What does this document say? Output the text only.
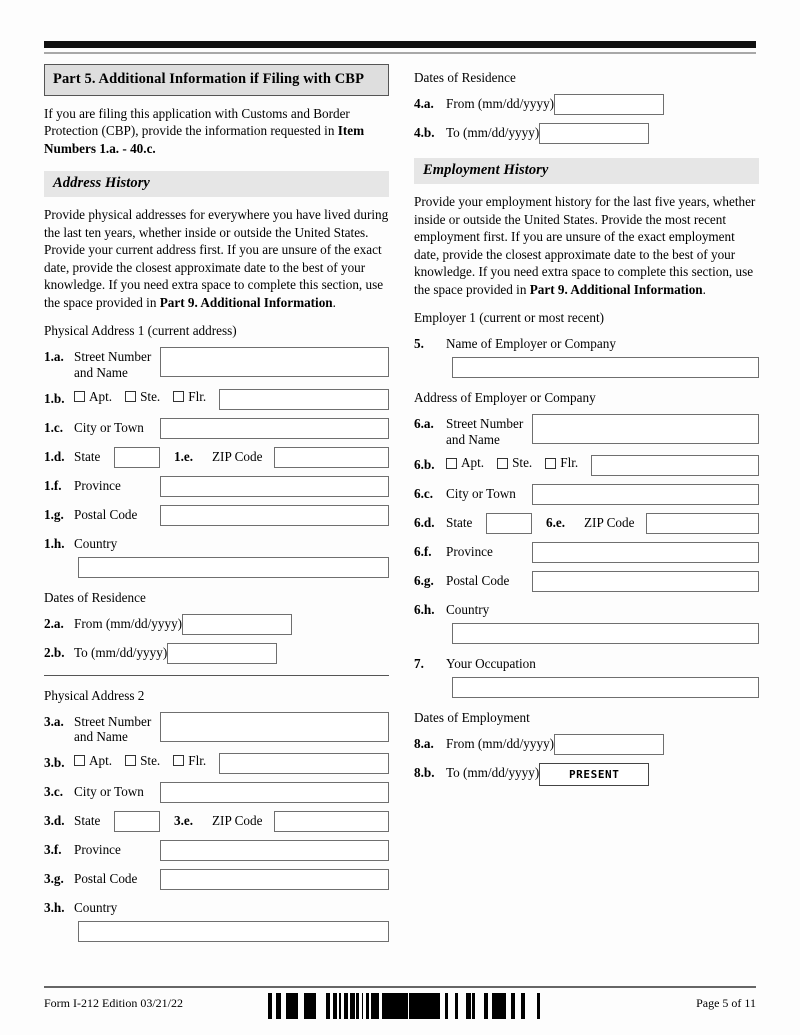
Part 5. Additional Information if Filing with CBP

If you are filing this application with Customs and Border Protection (CBP), provide the information requested in Item Numbers 1.a. - 40.c.

Address History

Provide physical addresses for everywhere you have lived during the last ten years, whether inside or outside the United States. Provide your current address first. If you are unsure of the exact date, provide the closest approximate date to the best of your knowledge. If you need extra space to complete this section, use the space provided in Part 9. Additional Information.

Physical Address 1 (current address)

1.a. Street Number and Name
1.b.	Apt. Ste. Flr.
1.c. City or Town
1.d. State	1.e.	ZIP Code
1.f. Province
1.g. Postal Code
1.h. Country

Dates of Residence

2.a. From (mm/dd/yyyy)
2.b. To (mm/dd/yyyy)

Physical Address 2

3.a. Street Number and Name
3.b.	Apt. Ste. Flr.
3.c. City or Town
3.d. State	3.e.	ZIP Code
3.f. Province
3.g. Postal Code
3.h. Country

Dates of Residence

4.a. From (mm/dd/yyyy)
4.b. To (mm/dd/yyyy)
Employment History

Provide your employment history for the last five years, whether inside or outside the United States. Provide the most recent employment first. If you are unsure of the exact employment date, provide the closest approximate date to the best of your knowledge. If you need extra space to complete this section, use the space provided in Part 9. Additional Information.

Employer 1 (current or most recent)

5.	Name of Employer or Company

Address of Employer or Company

6.a. Street Number and Name
6.b.	Apt. Ste. Flr.
6.c. City or Town
6.d. State	6.e.	ZIP Code
6.f.	Province
6.g. Postal Code
6.h. Country
7.	Your Occupation

Dates of Employment

8.a. From (mm/dd/yyyy)
8.b. To (mm/dd/yyyy)	PRESENT
Form I-212 Edition 03/21/22	Page 5 of 11
